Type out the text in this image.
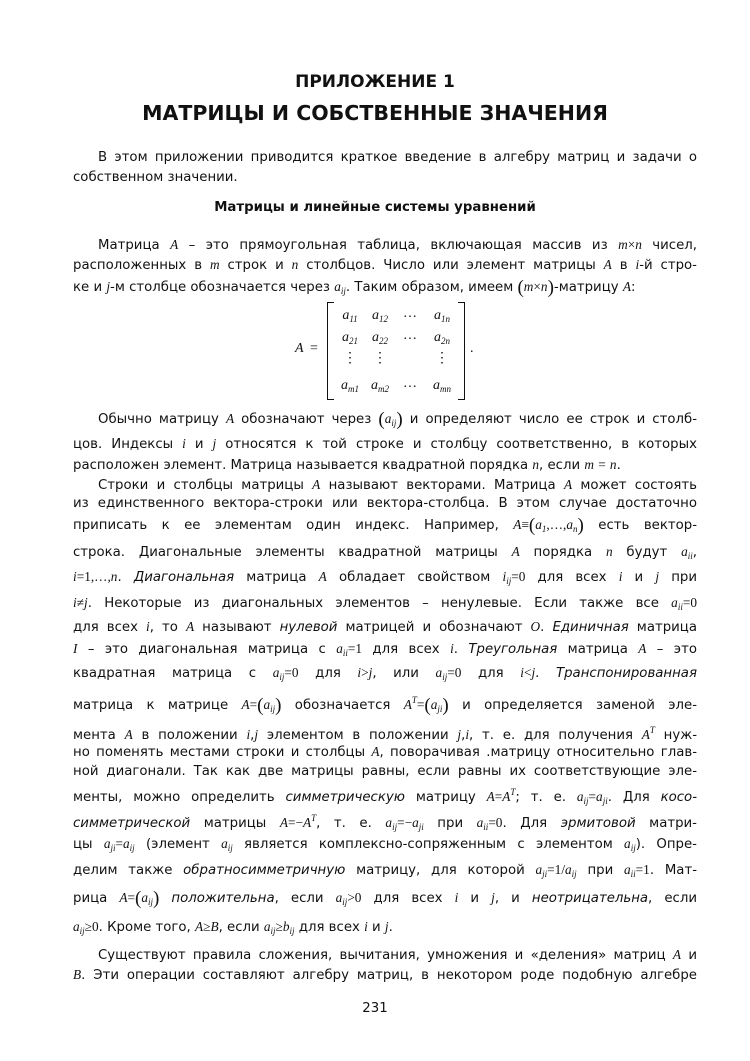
ПРИЛОЖЕНИЕ 1
МАТРИЦЫ И СОБСТВЕННЫЕ ЗНАЧЕНИЯ
В этом приложении приводится краткое введение в алгебру матриц и задачи о
собственном значении.
Матрицы и линейные системы уравнений
Матрица A – это прямоугольная таблица, включающая массив из m×n чисел,
расположенных в m строк и n столбцов. Число или элемент матрицы A в i-й стро-
ке и j-м столбце обозначается через $a_{ij}$. Таким образом, имеем (m×n)-матрицу A:
A =
$a_{11}$	$a_{12}$	…	$a_{1n}$
$a_{21}$	$a_{22}$	…	$a_{2n}$
⋮	⋮	⋮
$a_{m1}$ $a_{m2}$	…	$a_{mn}$
.
Обычно матрицу A обозначают через $(a_{ij})$ и определяют число ее строк и столб-
цов. Индексы i и j относятся к той строке и столбцу соответственно, в которых
расположен элемент. Матрица называется квадратной порядка n, если m = n.
Строки и столбцы матрицы A называют векторами. Матрица A может состоять
из единственного вектора-строки или вектора-столбца. В этом случае достаточно
приписать к ее элементам один индекс. Например, $A\equiv(a_1,\dots,a_n)$ есть вектор-
строка. Диагональные элементы квадратной матрицы A порядка n будут $a_{ii}$,
i=1,…,n. Диагональная матрица A обладает свойством $i_{ij}=0$ для всех i и j при
i≠j. Некоторые из диагональных элементов – ненулевые. Если также все $a_{ii}=0$
для всех i, то A называют нулевой матрицей и обозначают O. Единичная матрица
I – это диагональная матрица с $a_{ii}=1$ для всех i. Треугольная матрица A – это
квадратная матрица с $a_{ij}=0$ для i>j, или $a_{ij}=0$ для i<j. Транспонированная
матрица к матрице $A=(a_{ij})$ обозначается $A^T=(a_{ji})$ и определяется заменой эле-
мента A в положении i,j элементом в положении j,i, т. е. для получения $A^T$ нуж-
но поменять местами строки и столбцы A, поворачивая .матрицу относительно глав-
ной диагонали. Так как две матрицы равны, если равны их соответствующие эле-
менты, можно определить симметрическую матрицу $A=A^T$; т. е. $a_{ij}=a_{ji}$. Для косо-
симметрической матрицы $A=-A^T$, т. е. $a_{ij}=-a_{ji}$ при $a_{ii}=0$. Для эрмитовой матри-
цы $a_{ji}=a_{ij}$ (элемент $a_{ij}$ является комплексно-сопряженным с элементом $a_{ij}$). Опре-
делим также обратносимметричную матрицу, для которой $a_{ji}=1/a_{ij}$ при $a_{ii}=1$. Мат-
рица $A=(a_{ij})$ положительна, если $a_{ij}>0$ для всех i и j, и неотрицательна, если
$a_{ij}\ge 0$. Кроме того, A≥B, если $a_{ij}\ge b_{ij}$ для всех i и j.
Существуют правила сложения, вычитания, умножения и «деления» матриц A и
B. Эти операции составляют алгебру матриц, в некотором роде подобную алгебре
231
